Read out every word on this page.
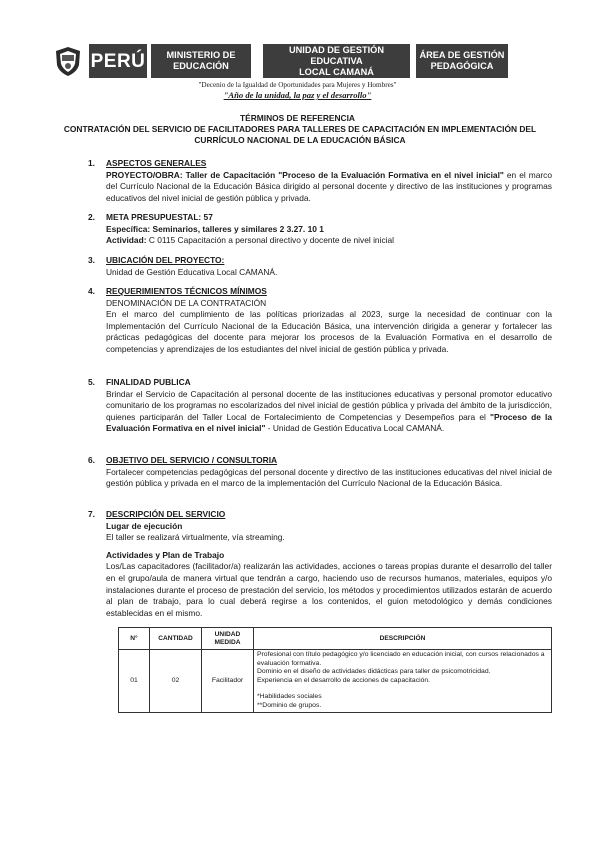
PERÚ MINISTERIO DE
EDUCACIÓN
UNIDAD DE GESTIÓN EDUCATIVA
LOCAL CAMANÁ
ÁREA DE GESTIÓN
PEDAGÓGICA
"Decenio de la Igualdad de Oportunidades para Mujeres y Hombres"
"Año de la unidad, la paz y el desarrollo"
TÉRMINOS DE REFERENCIA
CONTRATACIÓN DEL SERVICIO DE FACILITADORES PARA TALLERES DE CAPACITACIÓN EN IMPLEMENTACIÓN DEL CURRÍCULO NACIONAL DE LA EDUCACIÓN BÁSICA
1. ASPECTOS GENERALES

PROYECTO/OBRA: Taller de Capacitación "Proceso de la Evaluación Formativa en el nivel inicial" en el marco del Currículo Nacional de la Educación Básica dirigido al personal docente y directivo de las instituciones y programas educativos del nivel inicial de gestión pública y privada.

2. META PRESUPUESTAL: 57

Específica: Seminarios, talleres y similares 2 3.27. 10 1

Actividad: C 0115 Capacitación a personal directivo y docente de nivel inicial

3. UBICACIÓN DEL PROYECTO:

Unidad de Gestión Educativa Local CAMANÁ.

4. REQUERIMIENTOS TÉCNICOS MÍNIMOS

DENOMINACIÓN DE LA CONTRATACIÓN

En el marco del cumplimiento de las políticas priorizadas al 2023, surge la necesidad de continuar con la Implementación del Currículo Nacional de la Educación Básica, una intervención dirigida a generar y fortalecer las prácticas pedagógicas del docente para mejorar los procesos de la Evaluación Formativa en el desarrollo de competencias y aprendizajes de los estudiantes del nivel inicial de gestión pública y privada.

5. FINALIDAD PUBLICA

Brindar el Servicio de Capacitación al personal docente de las instituciones educativas y personal promotor educativo comunitario de los programas no escolarizados del nivel inicial de gestión pública y privada del ámbito de la jurisdicción, quienes participarán del Taller Local de Fortalecimiento de Competencias y Desempeños para el "Proceso de la Evaluación Formativa en el nivel inicial" - Unidad de Gestión Educativa Local CAMANÁ.

6. OBJETIVO DEL SERVICIO / CONSULTORIA

Fortalecer competencias pedagógicas del personal docente y directivo de las instituciones educativas del nivel inicial de gestión pública y privada en el marco de la implementación del Currículo Nacional de la Educación Básica.

7. DESCRIPCIÓN DEL SERVICIO

Lugar de ejecución

El taller se realizará virtualmente, vía streaming.

Actividades y Plan de Trabajo

Los/Las capacitadores (facilitador/a) realizarán las actividades, acciones o tareas propias durante el desarrollo del taller en el grupo/aula de manera virtual que tendrán a cargo, haciendo uso de recursos humanos, materiales, equipos y/o instalaciones durante el proceso de prestación del servicio, los métodos y procedimientos utilizados estarán de acuerdo al plan de trabajo, para lo cual deberá regirse a los contenidos, el guion metodológico y demás condiciones establecidas en el mismo.

N°	CANTIDAD	UNIDAD MEDIDA	DESCRIPCIÓN
01	02	Facilitador	Profesional con título pedagógico y/o licenciado en educación inicial, con cursos relacionados a evaluación formativa.
Dominio en el diseño de actividades didácticas para taller de psicomotricidad.
Experiencia en el desarrollo de acciones de capacitación.
*Habilidades sociales
**Dominio de grupos.
